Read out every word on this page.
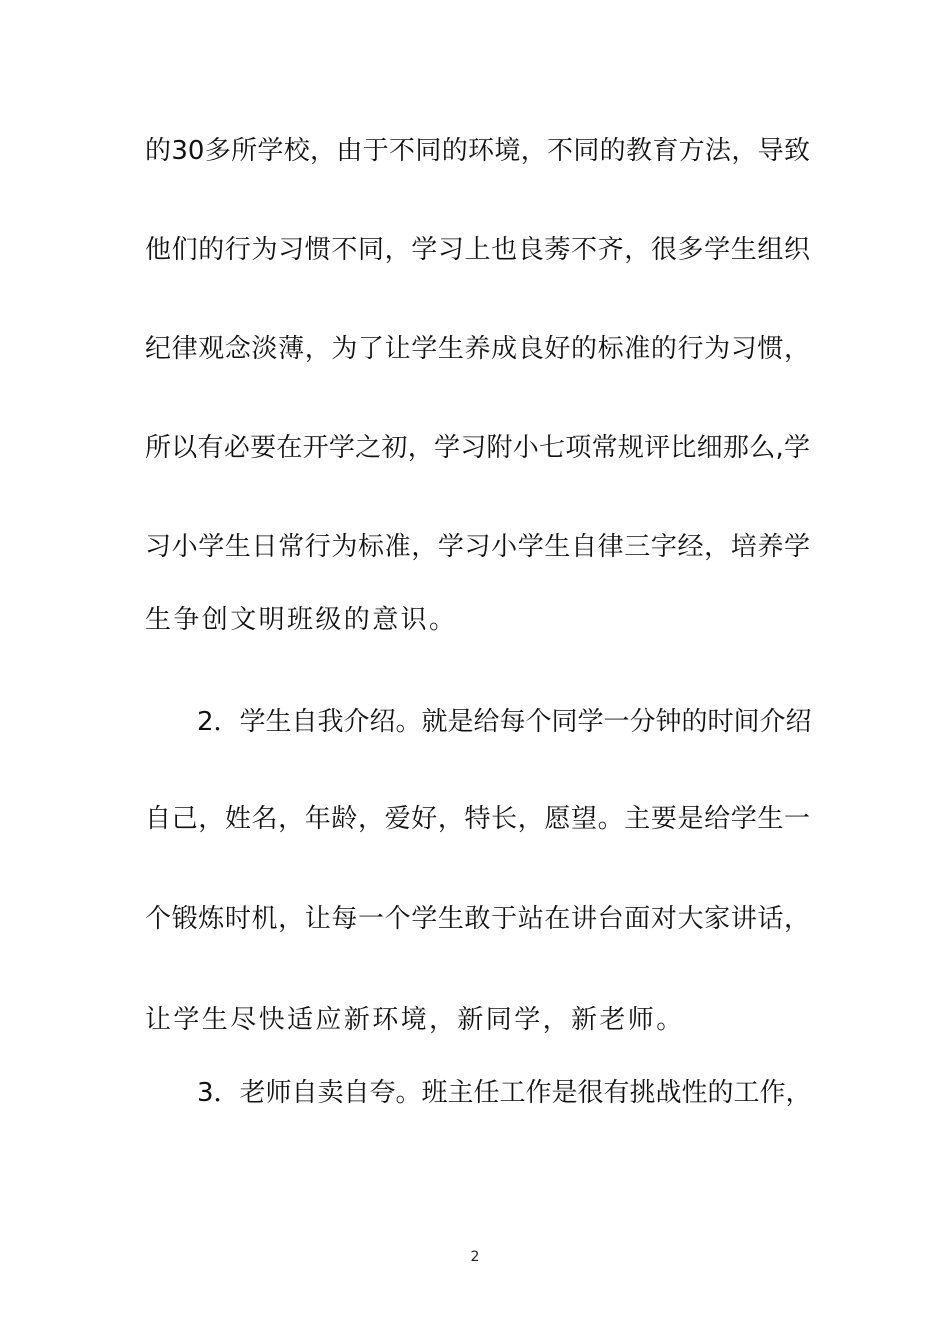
的30多所学校，由于不同的环境，不同的教育方法，导致
他们的行为习惯不同，学习上也良莠不齐，很多学生组织
纪律观念淡薄，为了让学生养成良好的标准的行为习惯，
所以有必要在开学之初，学习附小七项常规评比细那么,学
习小学生日常行为标准，学习小学生自律三字经，培养学
生争创文明班级的意识。
2．学生自我介绍。就是给每个同学一分钟的时间介绍
自己，姓名，年龄，爱好，特长，愿望。主要是给学生一
个锻炼时机，让每一个学生敢于站在讲台面对大家讲话，
让学生尽快适应新环境，新同学，新老师。
3．老师自卖自夸。班主任工作是很有挑战性的工作，
2
